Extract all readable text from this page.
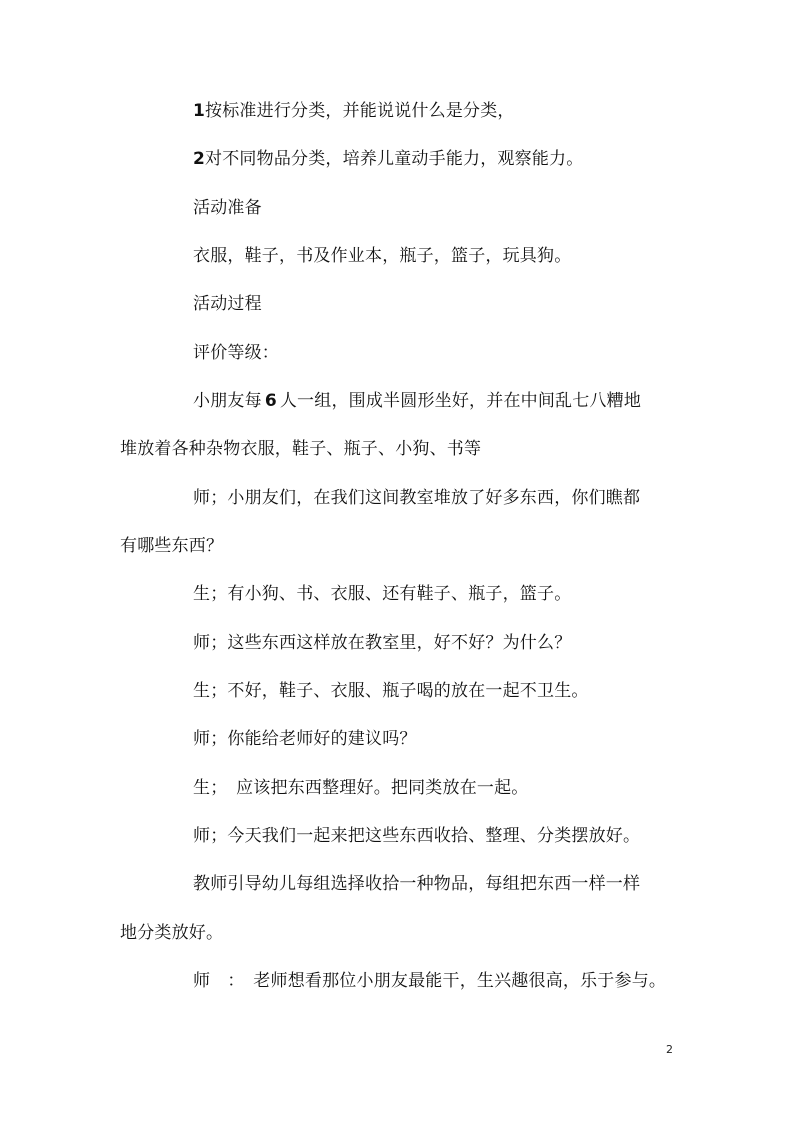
1按标准进行分类，并能说说什么是分类，
2对不同物品分类，培养儿童动手能力，观察能力。
活动准备
衣服，鞋子，书及作业本，瓶子，篮子，玩具狗。
活动过程
评价等级：
小朋友每 6 人一组，围成半圆形坐好，并在中间乱七八糟地
堆放着各种杂物衣服，鞋子、瓶子、小狗、书等
师；小朋友们，在我们这间教室堆放了好多东西，你们瞧都
有哪些东西？
生；有小狗、书、衣服、还有鞋子、瓶子，篮子。
师；这些东西这样放在教室里，好不好？为什么？
生；不好，鞋子、衣服、瓶子喝的放在一起不卫生。
师；你能给老师好的建议吗？
生；　应该把东西整理好。把同类放在一起。
师；今天我们一起来把这些东西收拾、整理、分类摆放好。
教师引导幼儿每组选择收拾一种物品，每组把东西一样一样
地分类放好。
师　：　老师想看那位小朋友最能干，生兴趣很高，乐于参与。
2
